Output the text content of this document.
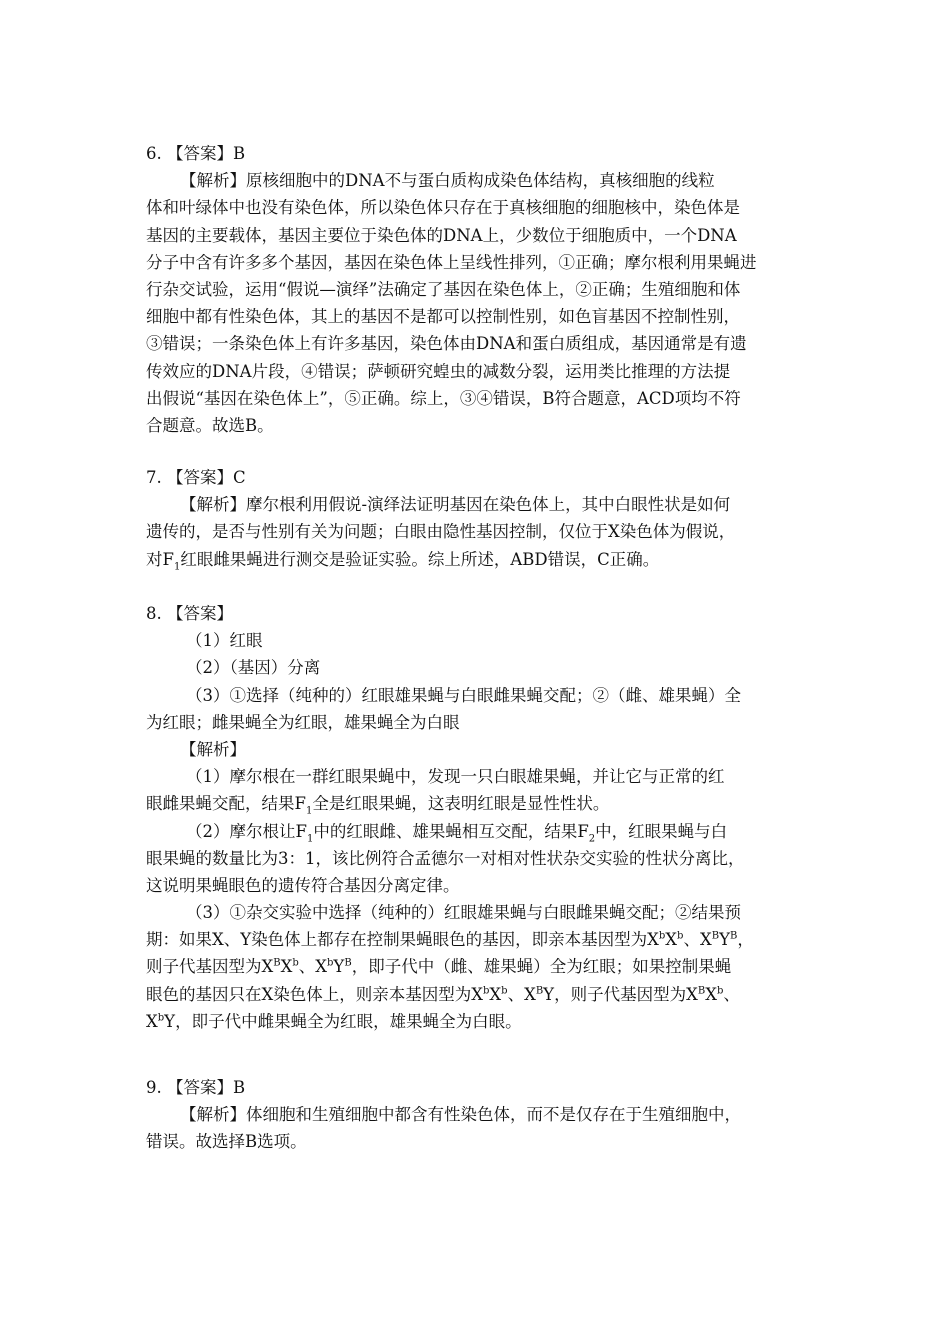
6. 【答案】B
【解析】原核细胞中的DNA不与蛋白质构成染色体结构，真核细胞的线粒
体和叶绿体中也没有染色体，所以染色体只存在于真核细胞的细胞核中，染色体是
基因的主要载体，基因主要位于染色体的DNA上，少数位于细胞质中，一个DNA
分子中含有许多多个基因，基因在染色体上呈线性排列，①正确；摩尔根利用果蝇进
行杂交试验，运用“假说—演绎”法确定了基因在染色体上，②正确；生殖细胞和体
细胞中都有性染色体，其上的基因不是都可以控制性别，如色盲基因不控制性别，
③错误；一条染色体上有许多基因，染色体由DNA和蛋白质组成，基因通常是有遗
传效应的DNA片段，④错误；萨顿研究蝗虫的减数分裂，运用类比推理的方法提
出假说“基因在染色体上”，⑤正确。综上，③④错误，B符合题意，ACD项均不符
合题意。故选B。
7. 【答案】C
【解析】摩尔根利用假说-演绎法证明基因在染色体上，其中白眼性状是如何
遗传的，是否与性别有关为问题；白眼由隐性基因控制，仅位于X染色体为假说，
对$F_1$红眼雌果蝇进行测交是验证实验。综上所述，ABD错误，C正确。
8. 【答案】
（1）红眼
（2）（基因）分离
（3）①选择（纯种的）红眼雄果蝇与白眼雌果蝇交配；②（雌、雄果蝇）全
为红眼；雌果蝇全为红眼，雄果蝇全为白眼
【解析】
（1）摩尔根在一群红眼果蝇中，发现一只白眼雄果蝇，并让它与正常的红
眼雌果蝇交配，结果$F_1$全是红眼果蝇，这表明红眼是显性性状。
（2）摩尔根让$F_1$中的红眼雌、雄果蝇相互交配，结果$F_2$中，红眼果蝇与白
眼果蝇的数量比为3：1，该比例符合孟德尔一对相对性状杂交实验的性状分离比，
这说明果蝇眼色的遗传符合基因分离定律。
（3）①杂交实验中选择（纯种的）红眼雄果蝇与白眼雌果蝇交配；②结果预
期：如果X、Y染色体上都存在控制果蝇眼色的基因，即亲本基因型为$X^bX^b$、$X^BY^B$，
则子代基因型为$X^BX^b$、$X^bY^B$，即子代中（雌、雄果蝇）全为红眼；如果控制果蝇
眼色的基因只在X染色体上，则亲本基因型为$X^bX^b$、$X^BY$，则子代基因型为$X^BX^b$、
$X^bY$，即子代中雌果蝇全为红眼，雄果蝇全为白眼。
9. 【答案】B
【解析】体细胞和生殖细胞中都含有性染色体，而不是仅存在于生殖细胞中，
错误。故选择B选项。
